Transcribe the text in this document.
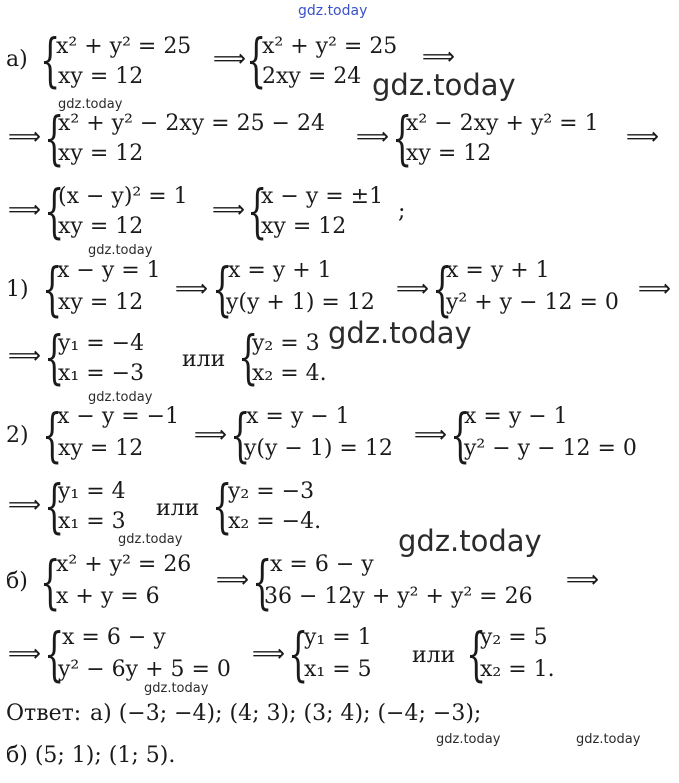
gdz.today
а) {
x² + y² = 25
xy = 12
⟹ {
x² + y² = 25
2xy = 24
⟹
gdz.today
gdz.today
⟹ {
x² + y² − 2xy = 25 − 24
xy = 12
⟹ {
x² − 2xy + y² = 1
xy = 12
⟹
⟹ {
(x − y)² = 1
xy = 12
⟹ {
x − y = ±1
xy = 12
;
gdz.today
1) {
x − y = 1
xy = 12
⟹ {
x = y + 1
y(y + 1) = 12
⟹ {
x = y + 1
y² + y − 12 = 0
⟹
⟹ {
y₁ = −4
x₁ = −3
или {
y₂ = 3
x₂ = 4.
gdz.today
gdz.today
2) {
x − y = −1
xy = 12
⟹ {
x = y − 1
y(y − 1) = 12
⟹ {
x = y − 1
y² − y − 12 = 0
⟹ {
y₁ = 4
x₁ = 3
или {
y₂ = −3
x₂ = −4.
gdz.today	gdz.today
б) {
x² + y² = 26
x + y = 6
⟹ {
x = 6 − y
36 − 12y + y² + y² = 26
⟹
⟹ {
x = 6 − y
y² − 6y + 5 = 0
⟹ {
y₁ = 1
x₁ = 5
или {
y₂ = 5
x₂ = 1.
gdz.today
Ответ: а) (−3; −4); (4; 3); (3; 4); (−4; −3);
gdz.today	gdz.today
б) (5; 1); (1; 5).
